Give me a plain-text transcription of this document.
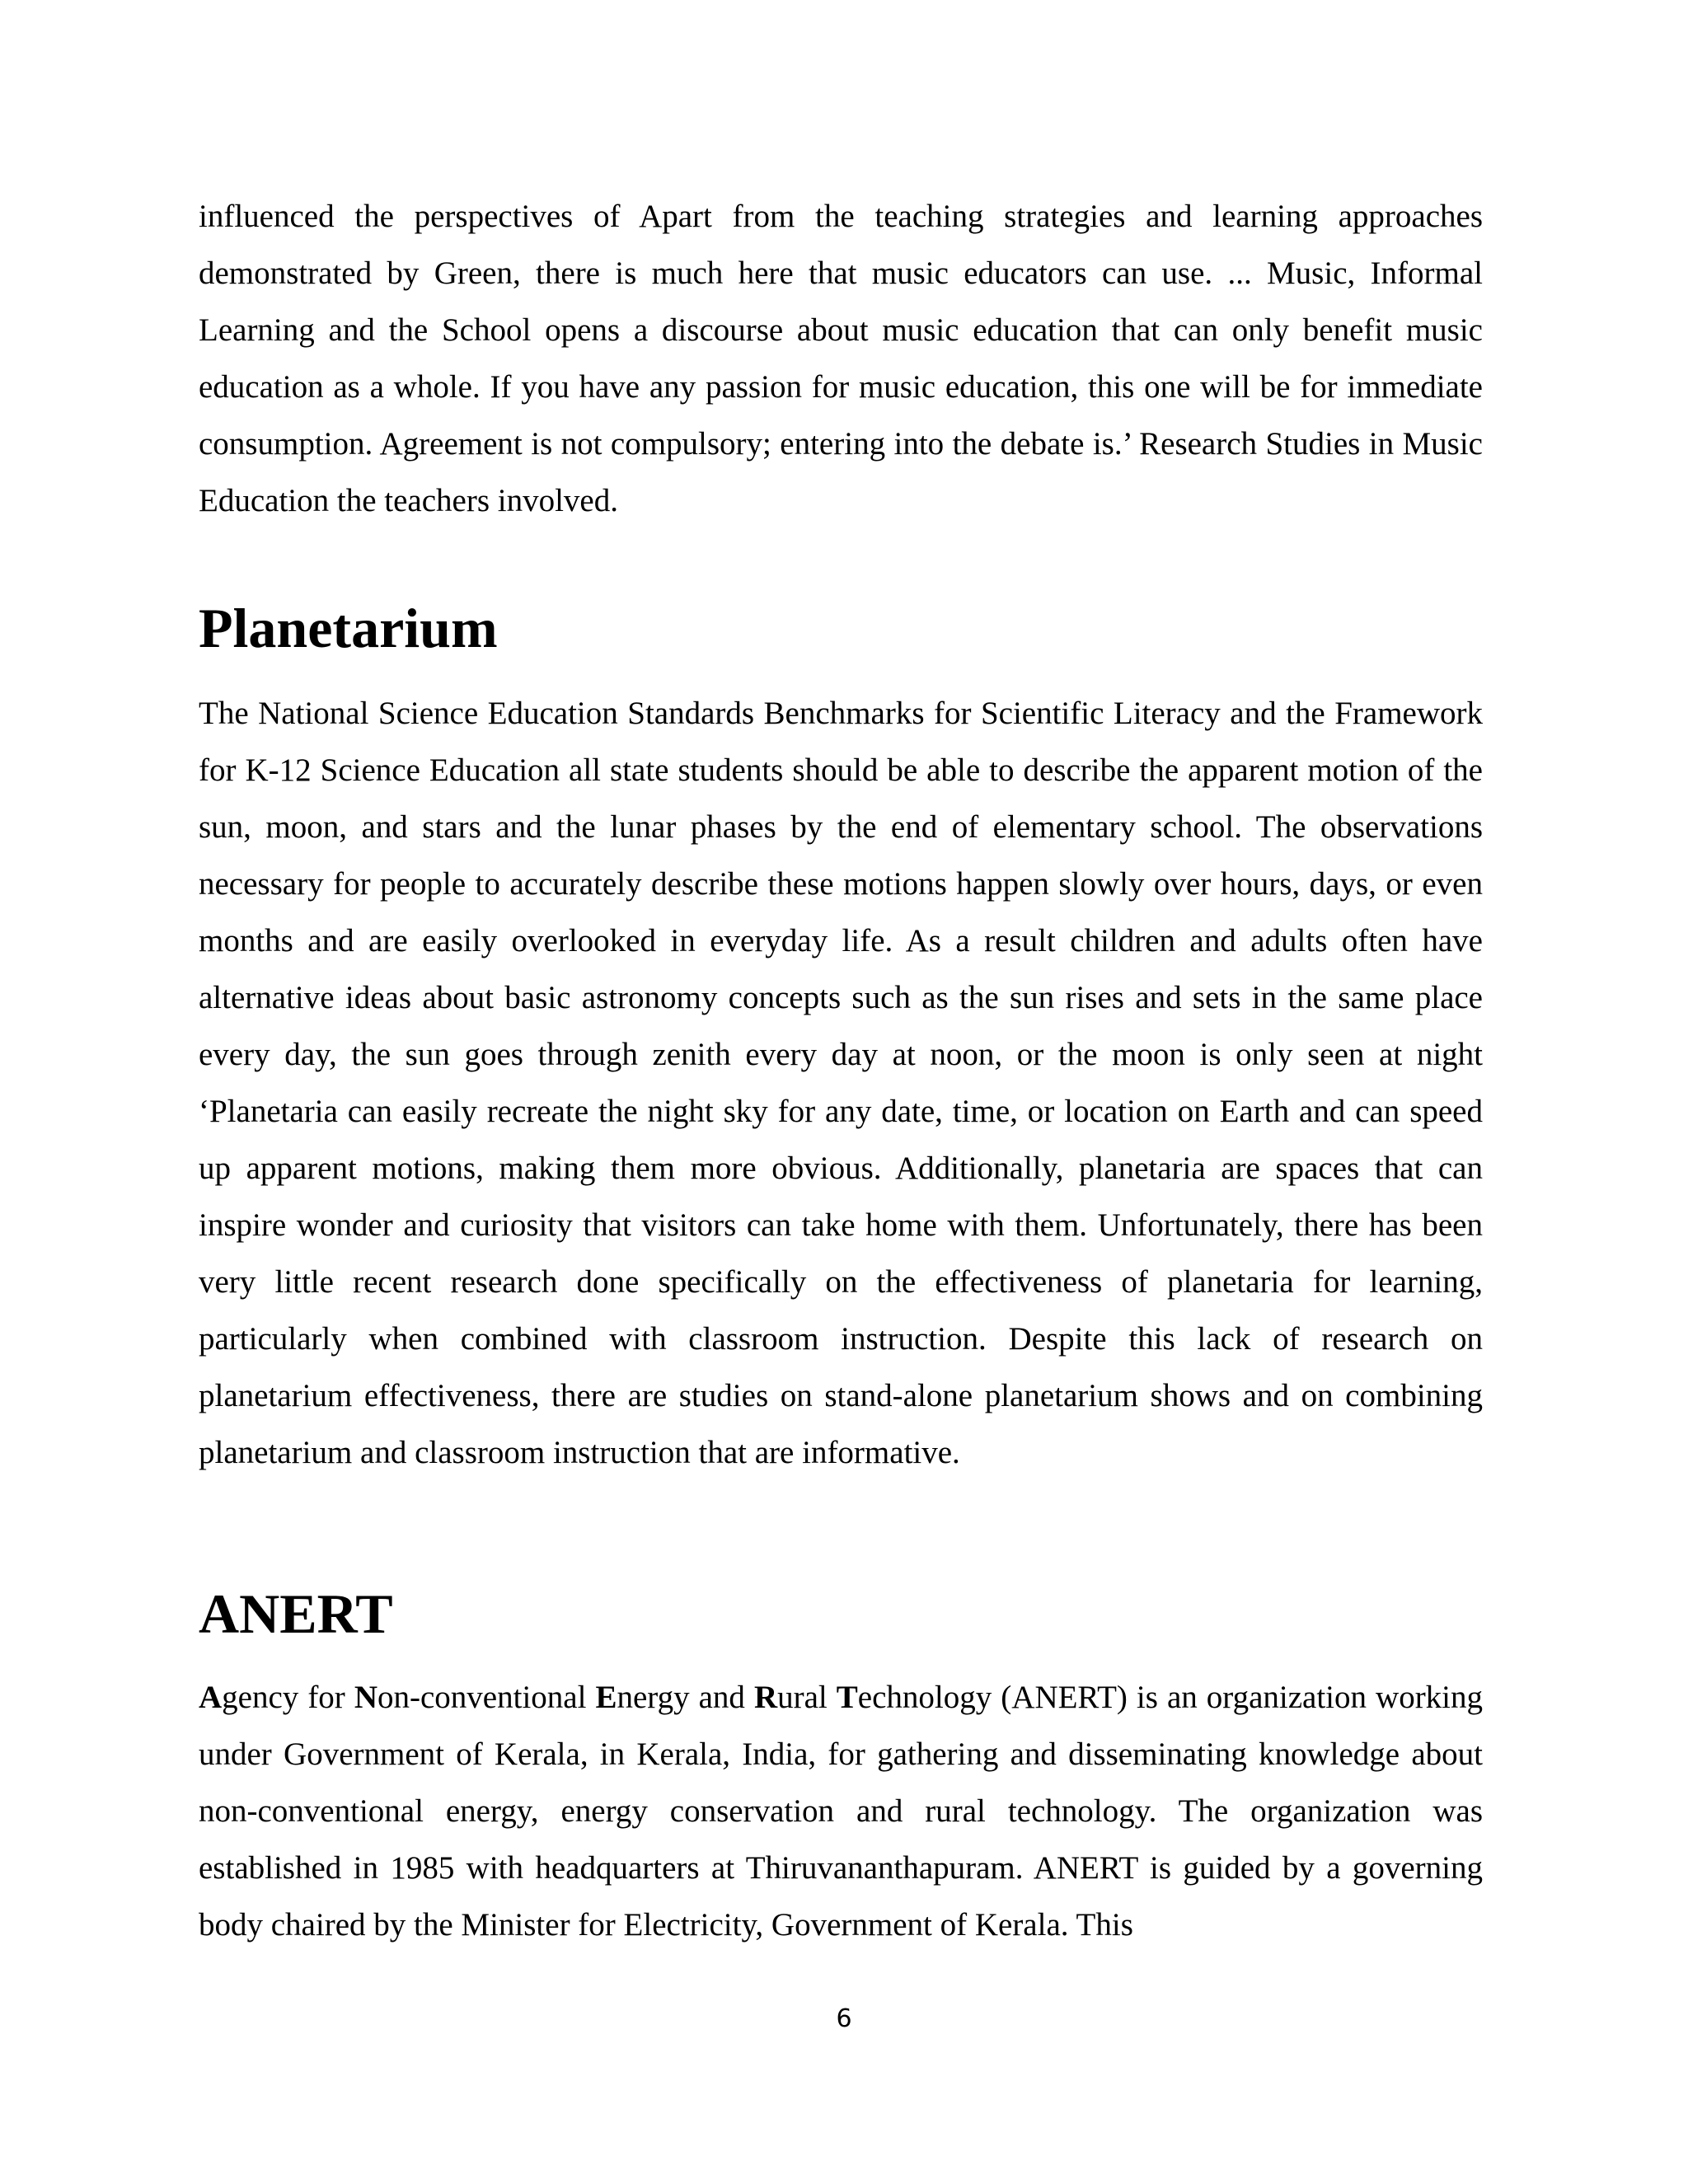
influenced the perspectives of Apart from the teaching strategies and learning approaches demonstrated by Green, there is much here that music educators can use. ... Music, Informal Learning and the School opens a discourse about music education that can only benefit music education as a whole. If you have any passion for music education, this one will be for immediate consumption. Agreement is not compulsory; entering into the debate is.’ Research Studies in Music Education the teachers involved.

Planetarium

The National Science Education Standards Benchmarks for Scientific Literacy and the Framework for K-12 Science Education all state students should be able to describe the apparent motion of the sun, moon, and stars and the lunar phases by the end of elementary school. The observations necessary for people to accurately describe these motions happen slowly over hours, days, or even months and are easily overlooked in everyday life. As a result children and adults often have alternative ideas about basic astronomy concepts such as the sun rises and sets in the same place every day, the sun goes through zenith every day at noon, or the moon is only seen at night ‘Planetaria can easily recreate the night sky for any date, time, or location on Earth and can speed up apparent motions, making them more obvious. Additionally, planetaria are spaces that can inspire wonder and curiosity that visitors can take home with them. Unfortunately, there has been very little recent research done specifically on the effectiveness of planetaria for learning, particularly when combined with classroom instruction. Despite this lack of research on planetarium effectiveness, there are studies on stand-alone planetarium shows and on combining planetarium and classroom instruction that are informative.

ANERT

Agency for Non-conventional Energy and Rural Technology (ANERT) is an organization working under Government of Kerala, in Kerala, India, for gathering and disseminating knowledge about non-conventional energy, energy conservation and rural technology. The organization was established in 1985 with headquarters at Thiruvananthapuram. ANERT is guided by a governing body chaired by the Minister for Electricity, Government of Kerala. This

6
